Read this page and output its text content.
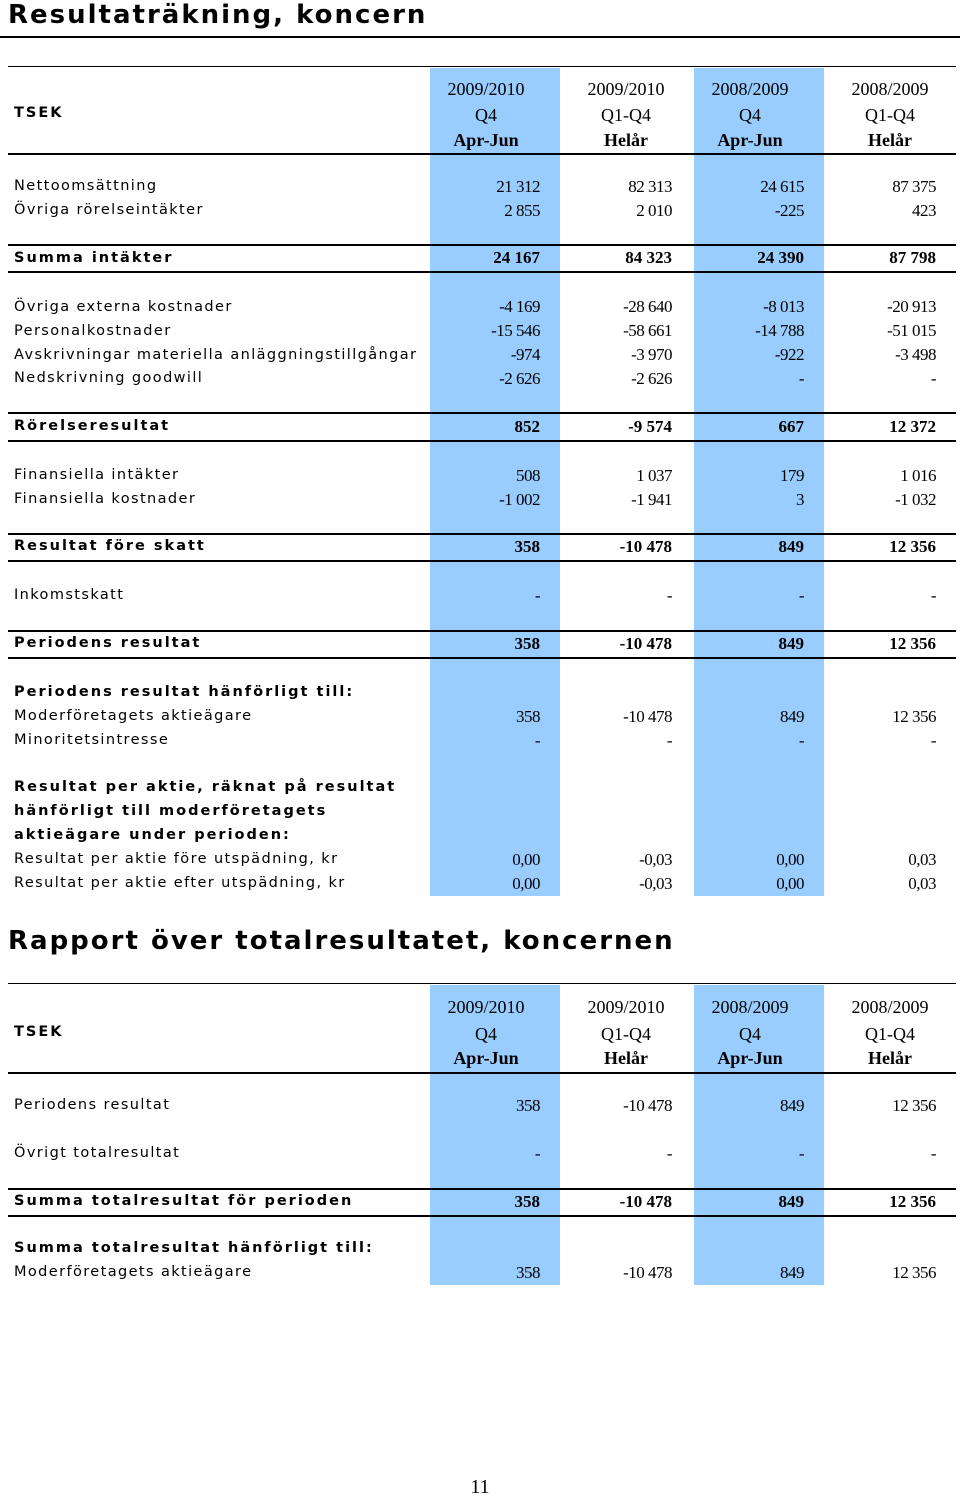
Resultaträkning, koncern
TSEK
2009/2010	2009/2010	2008/2009	2008/2009
Q4	Q1-Q4	Q4	Q1-Q4
Apr-Jun	Helår	Apr-Jun	Helår
Nettoomsättning	21 312	82 313	24 615	87 375
Övriga rörelseintäkter	2 855	2 010	-225	423
Summa intäkter	24 167	84 323	24 390	87 798
Övriga externa kostnader	-4 169	-28 640	-8 013	-20 913
Personalkostnader	-15 546	-58 661	-14 788	-51 015
Avskrivningar materiella anläggningstillgångar	-974	-3 970	-922	-3 498
Nedskrivning goodwill	-2 626	-2 626	-	-
Rörelseresultat	852	-9 574	667	12 372
Finansiella intäkter	508	1 037	179	1 016
Finansiella kostnader	-1 002	-1 941	3	-1 032
Resultat före skatt	358	-10 478	849	12 356
Inkomstskatt	-	-	-	-
Periodens resultat	358	-10 478	849	12 356
Periodens resultat hänförligt till:
Moderföretagets aktieägare	358	-10 478	849	12 356
Minoritetsintresse	-	-	-	-
Resultat per aktie, räknat på resultat
hänförligt till moderföretagets
aktieägare under perioden:
Resultat per aktie före utspädning, kr	0,00	-0,03	0,00	0,03
Resultat per aktie efter utspädning, kr	0,00	-0,03	0,00	0,03
Rapport över totalresultatet, koncernen
TSEK
2009/2010	2009/2010	2008/2009	2008/2009
Q4	Q1-Q4	Q4	Q1-Q4
Apr-Jun	Helår	Apr-Jun	Helår
Periodens resultat	358	-10 478	849	12 356
Övrigt totalresultat	-	-	-	-
Summa totalresultat för perioden	358	-10 478	849	12 356
Summa totalresultat hänförligt till:
Moderföretagets aktieägare	358	-10 478	849	12 356
11
